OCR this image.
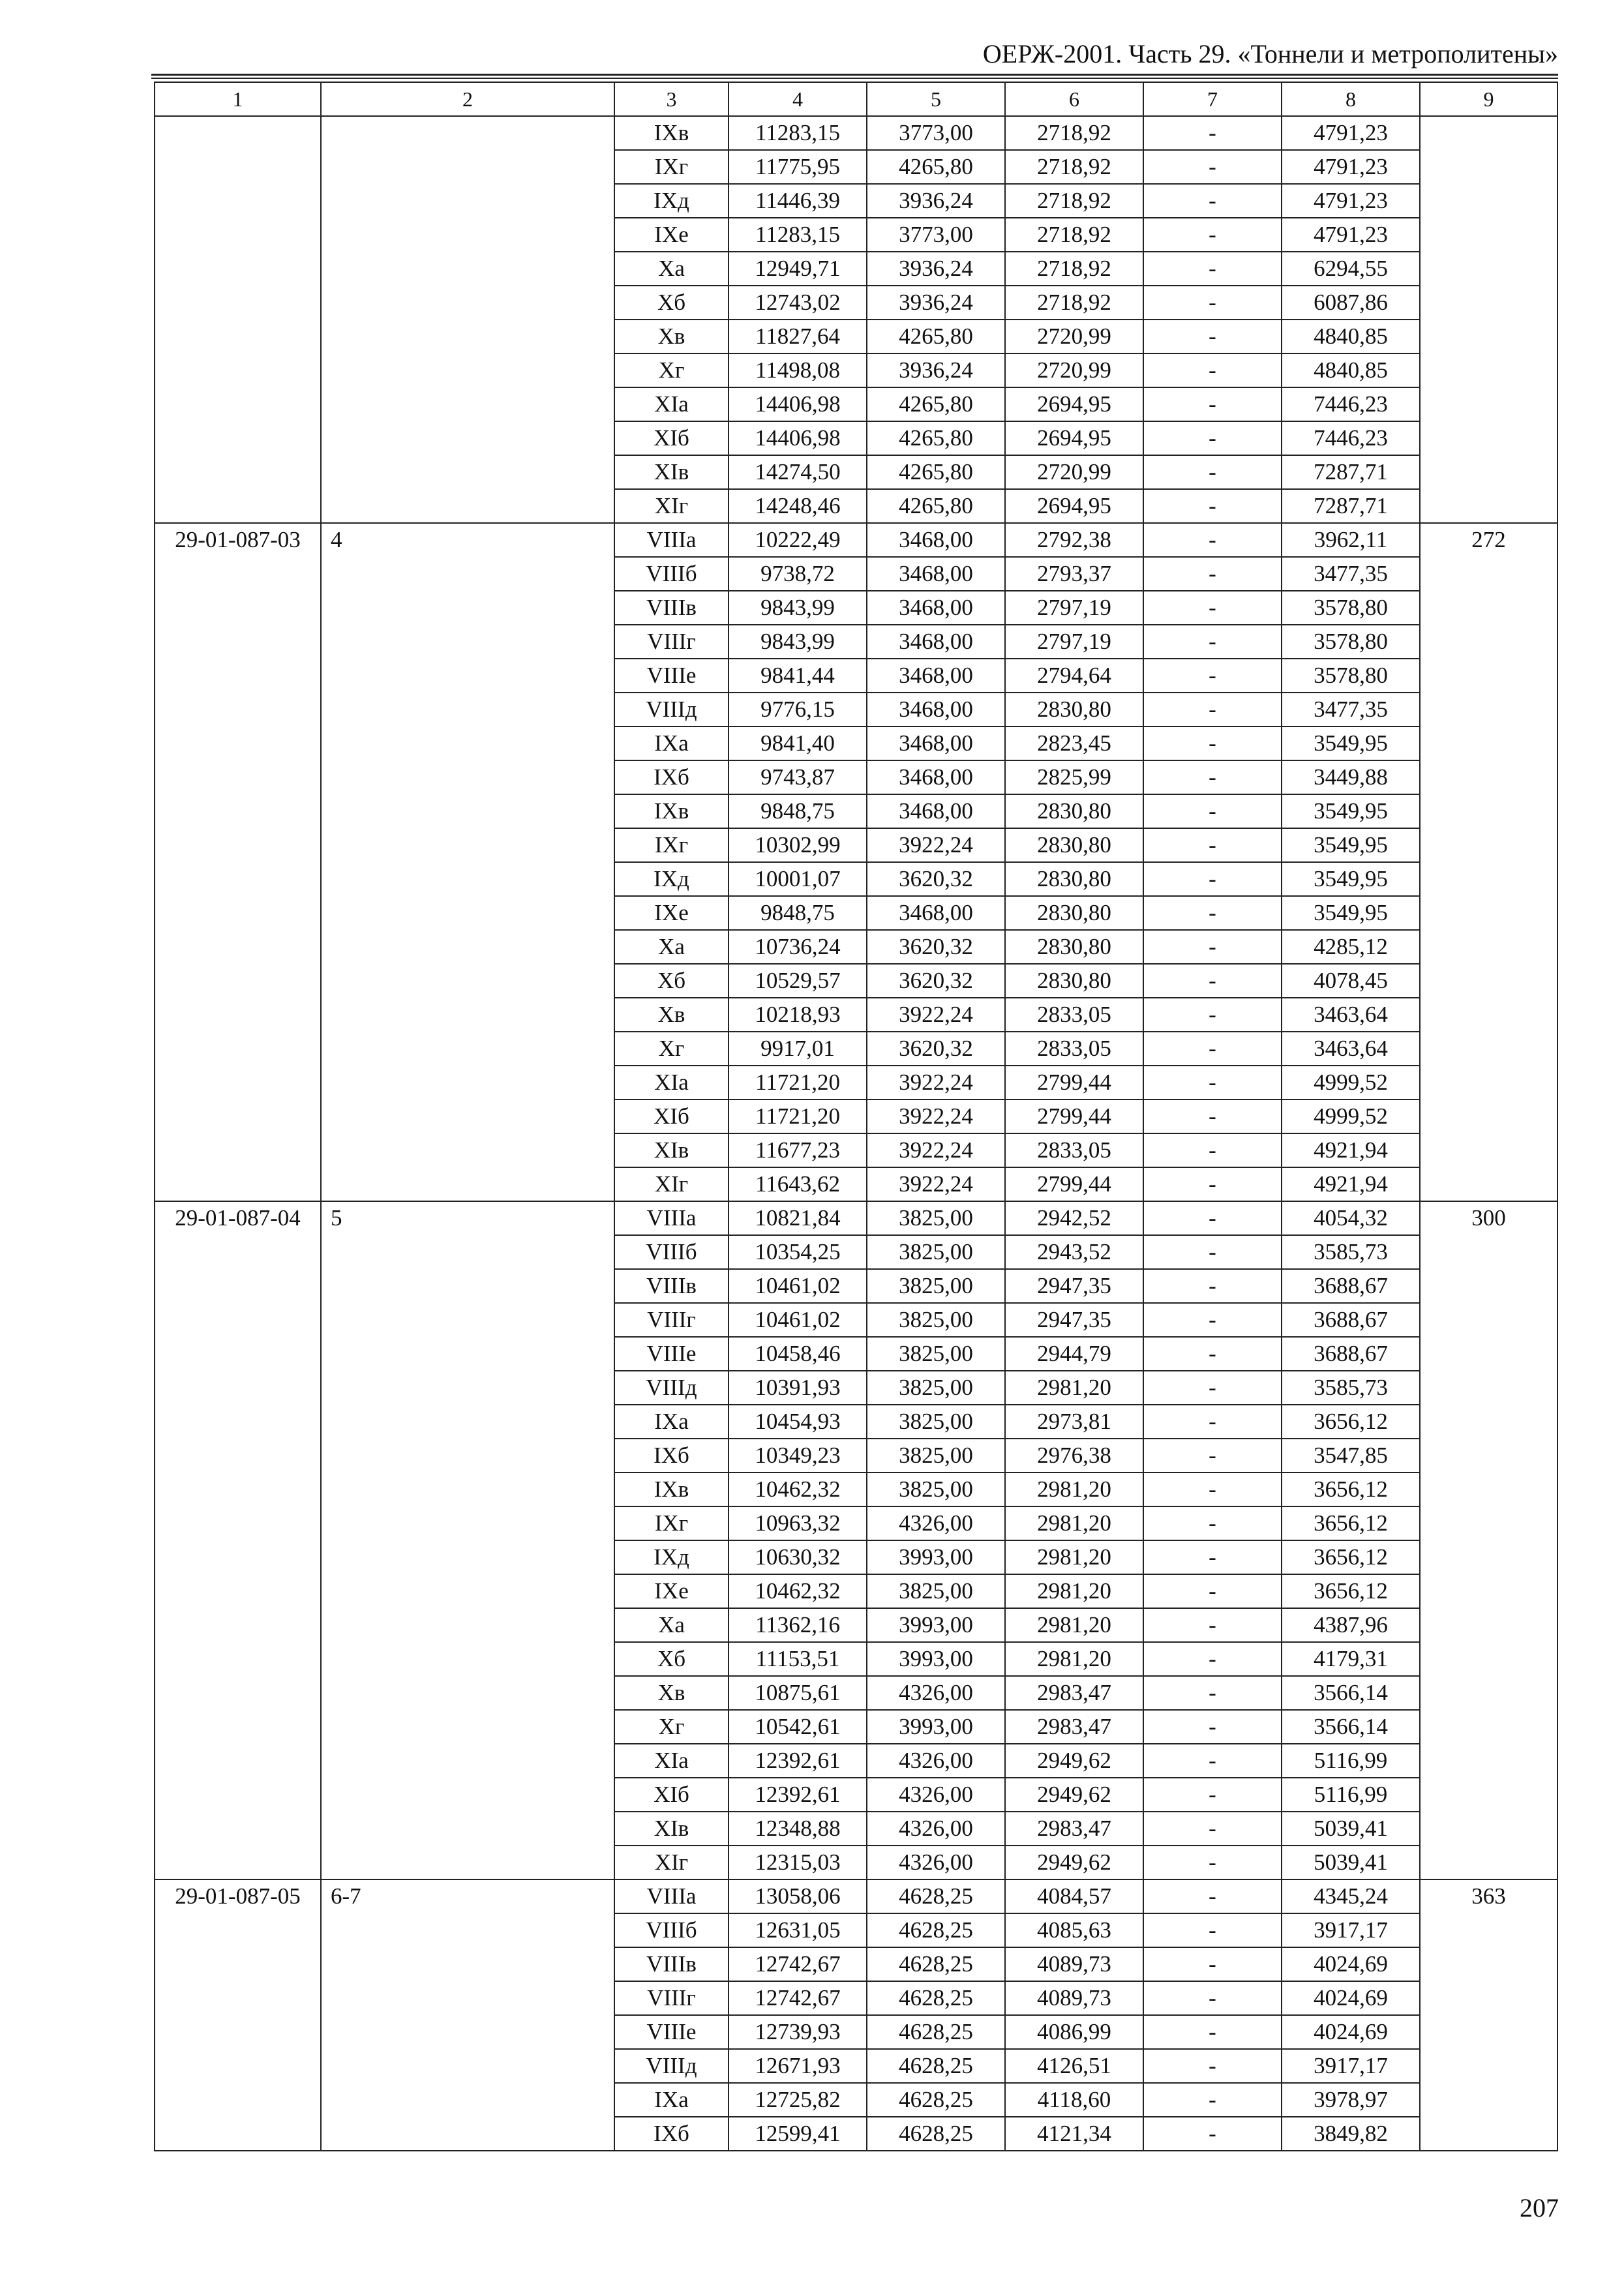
ОЕРЖ-2001. Часть 29. «Тоннели и метрополитены»
1	2	3	4	5	6	7	8	9
		IXв	11283,15	3773,00	2718,92	-	4791,23	
		IXг	11775,95	4265,80	2718,92	-	4791,23	
		IXд	11446,39	3936,24	2718,92	-	4791,23	
		IXе	11283,15	3773,00	2718,92	-	4791,23	
		Xа	12949,71	3936,24	2718,92	-	6294,55	
		Xб	12743,02	3936,24	2718,92	-	6087,86	
		Xв	11827,64	4265,80	2720,99	-	4840,85	
		Xг	11498,08	3936,24	2720,99	-	4840,85	
		XIа	14406,98	4265,80	2694,95	-	7446,23	
		XIб	14406,98	4265,80	2694,95	-	7446,23	
		XIв	14274,50	4265,80	2720,99	-	7287,71	
		XIг	14248,46	4265,80	2694,95	-	7287,71	
29-01-087-03	4	VIIIа	10222,49	3468,00	2792,38	-	3962,11	272
		VIIIб	9738,72	3468,00	2793,37	-	3477,35	
		VIIIв	9843,99	3468,00	2797,19	-	3578,80	
		VIIIг	9843,99	3468,00	2797,19	-	3578,80	
		VIIIе	9841,44	3468,00	2794,64	-	3578,80	
		VIIIд	9776,15	3468,00	2830,80	-	3477,35	
		IXа	9841,40	3468,00	2823,45	-	3549,95	
		IXб	9743,87	3468,00	2825,99	-	3449,88	
		IXв	9848,75	3468,00	2830,80	-	3549,95	
		IXг	10302,99	3922,24	2830,80	-	3549,95	
		IXд	10001,07	3620,32	2830,80	-	3549,95	
		IXе	9848,75	3468,00	2830,80	-	3549,95	
		Xа	10736,24	3620,32	2830,80	-	4285,12	
		Xб	10529,57	3620,32	2830,80	-	4078,45	
		Xв	10218,93	3922,24	2833,05	-	3463,64	
		Xг	9917,01	3620,32	2833,05	-	3463,64	
		XIа	11721,20	3922,24	2799,44	-	4999,52	
		XIб	11721,20	3922,24	2799,44	-	4999,52	
		XIв	11677,23	3922,24	2833,05	-	4921,94	
		XIг	11643,62	3922,24	2799,44	-	4921,94	
29-01-087-04	5	VIIIа	10821,84	3825,00	2942,52	-	4054,32	300
		VIIIб	10354,25	3825,00	2943,52	-	3585,73	
		VIIIв	10461,02	3825,00	2947,35	-	3688,67	
		VIIIг	10461,02	3825,00	2947,35	-	3688,67	
		VIIIе	10458,46	3825,00	2944,79	-	3688,67	
		VIIIд	10391,93	3825,00	2981,20	-	3585,73	
		IXа	10454,93	3825,00	2973,81	-	3656,12	
		IXб	10349,23	3825,00	2976,38	-	3547,85	
		IXв	10462,32	3825,00	2981,20	-	3656,12	
		IXг	10963,32	4326,00	2981,20	-	3656,12	
		IXд	10630,32	3993,00	2981,20	-	3656,12	
		IXе	10462,32	3825,00	2981,20	-	3656,12	
		Xа	11362,16	3993,00	2981,20	-	4387,96	
		Xб	11153,51	3993,00	2981,20	-	4179,31	
		Xв	10875,61	4326,00	2983,47	-	3566,14	
		Xг	10542,61	3993,00	2983,47	-	3566,14	
		XIа	12392,61	4326,00	2949,62	-	5116,99	
		XIб	12392,61	4326,00	2949,62	-	5116,99	
		XIв	12348,88	4326,00	2983,47	-	5039,41	
		XIг	12315,03	4326,00	2949,62	-	5039,41	
29-01-087-05	6-7	VIIIа	13058,06	4628,25	4084,57	-	4345,24	363
		VIIIб	12631,05	4628,25	4085,63	-	3917,17	
		VIIIв	12742,67	4628,25	4089,73	-	4024,69	
		VIIIг	12742,67	4628,25	4089,73	-	4024,69	
		VIIIе	12739,93	4628,25	4086,99	-	4024,69	
		VIIIд	12671,93	4628,25	4126,51	-	3917,17	
		IXа	12725,82	4628,25	4118,60	-	3978,97	
		IXб	12599,41	4628,25	4121,34	-	3849,82	
207
